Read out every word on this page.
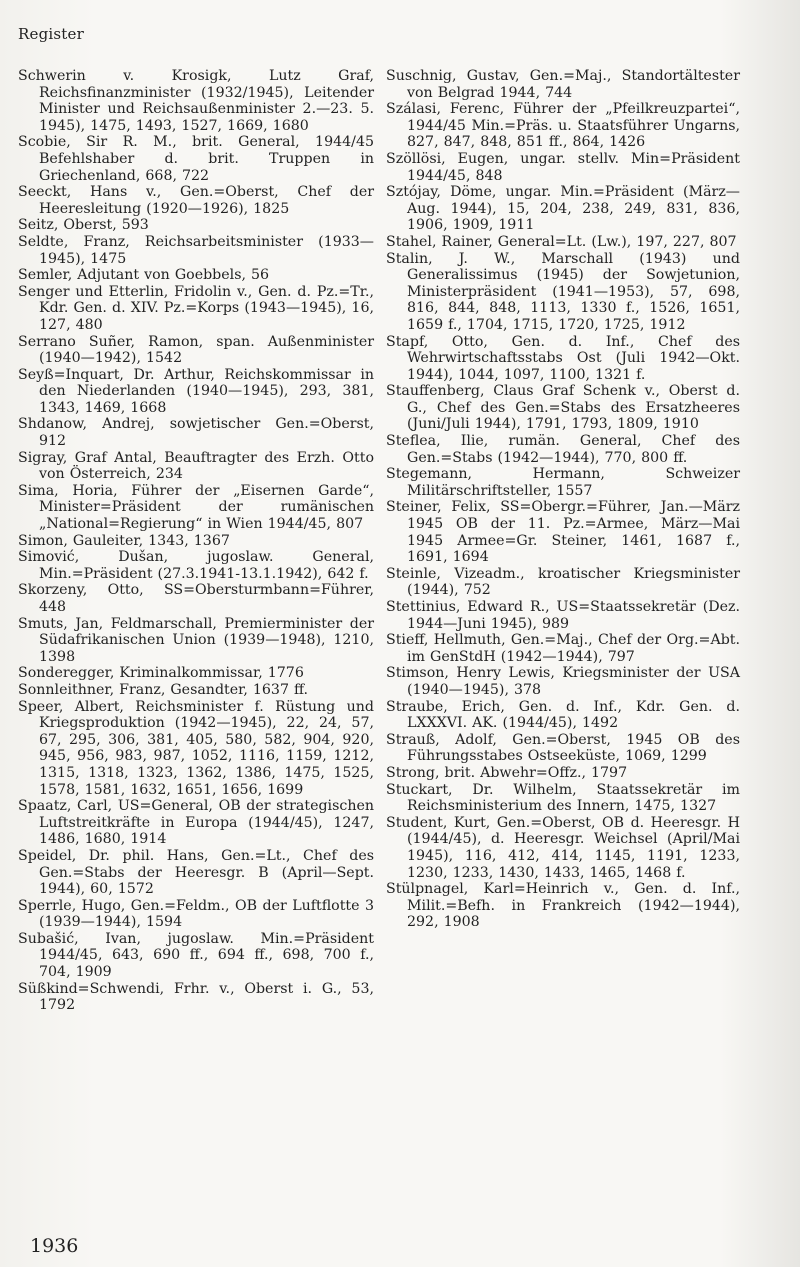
Register

Schwerin v. Krosigk, Lutz Graf, Reichsfinanzminister (1932/1945), Leitender Minister und Reichsaußenminister 2.—23. 5. 1945), 1475, 1493, 1527, 1669, 1680

Scobie, Sir R. M., brit. General, 1944/45 Befehlshaber d. brit. Truppen in Griechenland, 668, 722

Seeckt, Hans v., Gen.=Oberst, Chef der Heeresleitung (1920—1926), 1825

Seitz, Oberst, 593

Seldte, Franz, Reichsarbeitsminister (1933—1945), 1475

Semler, Adjutant von Goebbels, 56

Senger und Etterlin, Fridolin v., Gen. d. Pz.=Tr., Kdr. Gen. d. XIV. Pz.=Korps (1943—1945), 16, 127, 480

Serrano Suñer, Ramon, span. Außenminister (1940—1942), 1542

Seyß=Inquart, Dr. Arthur, Reichskommissar in den Niederlanden (1940—1945), 293, 381, 1343, 1469, 1668

Shdanow, Andrej, sowjetischer Gen.=Oberst, 912

Sigray, Graf Antal, Beauftragter des Erzh. Otto von Österreich, 234

Sima, Horia, Führer der „Eisernen Garde“, Minister=Präsident der rumänischen „National=Regierung“ in Wien 1944/45, 807

Simon, Gauleiter, 1343, 1367

Simović, Dušan, jugoslaw. General, Min.=Präsident (27.3.1941-13.1.1942), 642 f.

Skorzeny, Otto, SS=Obersturmbann=Führer, 448

Smuts, Jan, Feldmarschall, Premierminister der Südafrikanischen Union (1939—1948), 1210, 1398

Sonderegger, Kriminalkommissar, 1776

Sonnleithner, Franz, Gesandter, 1637 ff.

Speer, Albert, Reichsminister f. Rüstung und Kriegsproduktion (1942—1945), 22, 24, 57, 67, 295, 306, 381, 405, 580, 582, 904, 920, 945, 956, 983, 987, 1052, 1116, 1159, 1212, 1315, 1318, 1323, 1362, 1386, 1475, 1525, 1578, 1581, 1632, 1651, 1656, 1699

Spaatz, Carl, US=General, OB der strategischen Luftstreitkräfte in Europa (1944/45), 1247, 1486, 1680, 1914

Speidel, Dr. phil. Hans, Gen.=Lt., Chef des Gen.=Stabs der Heeresgr. B (April—Sept. 1944), 60, 1572

Sperrle, Hugo, Gen.=Feldm., OB der Luftflotte 3 (1939—1944), 1594

Subašić, Ivan, jugoslaw. Min.=Präsident 1944/45, 643, 690 ff., 694 ff., 698, 700 f., 704, 1909

Süßkind=Schwendi, Frhr. v., Oberst i. G., 53, 1792

Suschnig, Gustav, Gen.=Maj., Standortältester von Belgrad 1944, 744

Szálasi, Ferenc, Führer der „Pfeilkreuzpartei“, 1944/45 Min.=Präs. u. Staatsführer Ungarns, 827, 847, 848, 851 ff., 864, 1426

Szöllösi, Eugen, ungar. stellv. Min=Präsident 1944/45, 848

Sztójay, Döme, ungar. Min.=Präsident (März—Aug. 1944), 15, 204, 238, 249, 831, 836, 1906, 1909, 1911

Stahel, Rainer, General=Lt. (Lw.), 197, 227, 807

Stalin, J. W., Marschall (1943) und Generalissimus (1945) der Sowjetunion, Ministerpräsident (1941—1953), 57, 698, 816, 844, 848, 1113, 1330 f., 1526, 1651, 1659 f., 1704, 1715, 1720, 1725, 1912

Stapf, Otto, Gen. d. Inf., Chef des Wehrwirtschaftsstabs Ost (Juli 1942—Okt. 1944), 1044, 1097, 1100, 1321 f.

Stauffenberg, Claus Graf Schenk v., Oberst d. G., Chef des Gen.=Stabs des Ersatzheeres (Juni/Juli 1944), 1791, 1793, 1809, 1910

Steflea, Ilie, rumän. General, Chef des Gen.=Stabs (1942—1944), 770, 800 ff.

Stegemann, Hermann, Schweizer Militärschriftsteller, 1557

Steiner, Felix, SS=Obergr.=Führer, Jan.—März 1945 OB der 11. Pz.=Armee, März—Mai 1945 Armee=Gr. Steiner, 1461, 1687 f., 1691, 1694

Steinle, Vizeadm., kroatischer Kriegsminister (1944), 752

Stettinius, Edward R., US=Staatssekretär (Dez. 1944—Juni 1945), 989

Stieff, Hellmuth, Gen.=Maj., Chef der Org.=Abt. im GenStdH (1942—1944), 797

Stimson, Henry Lewis, Kriegsminister der USA (1940—1945), 378

Straube, Erich, Gen. d. Inf., Kdr. Gen. d. LXXXVI. AK. (1944/45), 1492

Strauß, Adolf, Gen.=Oberst, 1945 OB des Führungsstabes Ostseeküste, 1069, 1299

Strong, brit. Abwehr=Offz., 1797

Stuckart, Dr. Wilhelm, Staatssekretär im Reichsministerium des Innern, 1475, 1327

Student, Kurt, Gen.=Oberst, OB d. Heeresgr. H (1944/45), d. Heeresgr. Weichsel (April/Mai 1945), 116, 412, 414, 1145, 1191, 1233, 1230, 1233, 1430, 1433, 1465, 1468 f.

Stülpnagel, Karl=Heinrich v., Gen. d. Inf., Milit.=Befh. in Frankreich (1942—1944), 292, 1908

1936
